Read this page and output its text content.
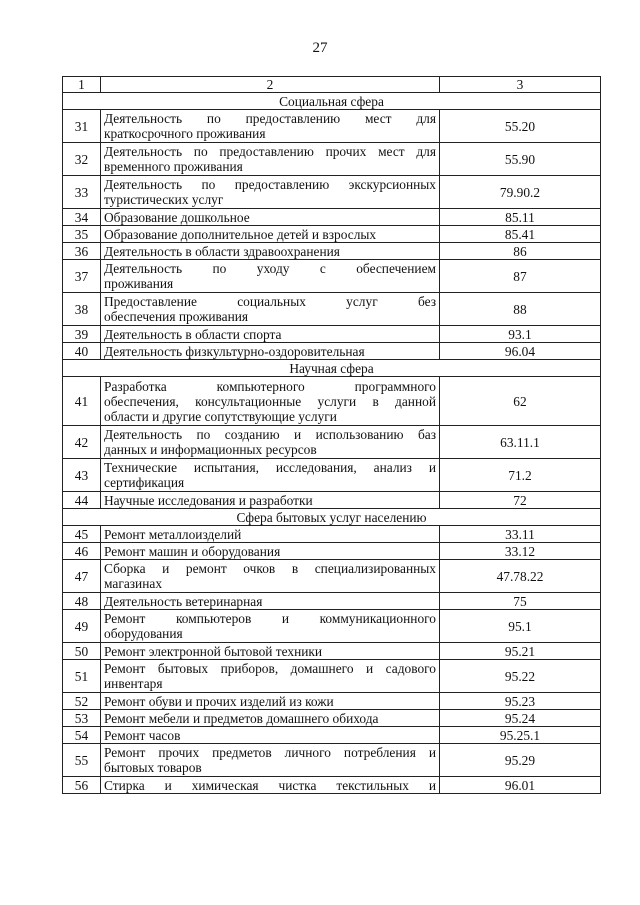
27
1	2	3
Социальная сфера		
31	Деятельность по предоставлению мест для
краткосрочного проживания	55.20
32	Деятельность по предоставлению прочих мест для
временного проживания	55.90
33	Деятельность по предоставлению экскурсионных
туристических услуг	79.90.2
34	Образование дошкольное	85.11
35	Образование дополнительное детей и взрослых	85.41
36	Деятельность в области здравоохранения	86
37	Деятельность по уходу с обеспечением
проживания	87
38	Предоставление социальных услуг без
обеспечения проживания	88
39	Деятельность в области спорта	93.1
40	Деятельность физкультурно-оздоровительная	96.04
Научная сфера		
41	Разработка компьютерного программного
обеспечения, консультационные услуги в данной
области и другие сопутствующие услуги	62
42	Деятельность по созданию и использованию баз
данных и информационных ресурсов	63.11.1
43	Технические испытания, исследования, анализ и
сертификация	71.2
44	Научные исследования и разработки	72
Сфера бытовых услуг населению		
45	Ремонт металлоизделий	33.11
46	Ремонт машин и оборудования	33.12
47	Сборка и ремонт очков в специализированных
магазинах	47.78.22
48	Деятельность ветеринарная	75
49	Ремонт компьютеров и коммуникационного
оборудования	95.1
50	Ремонт электронной бытовой техники	95.21
51	Ремонт бытовых приборов, домашнего и садового
инвентаря	95.22
52	Ремонт обуви и прочих изделий из кожи	95.23
53	Ремонт мебели и предметов домашнего обихода	95.24
54	Ремонт часов	95.25.1
55	Ремонт прочих предметов личного потребления и
бытовых товаров	95.29
56	Стирка и химическая чистка текстильных и	96.01
